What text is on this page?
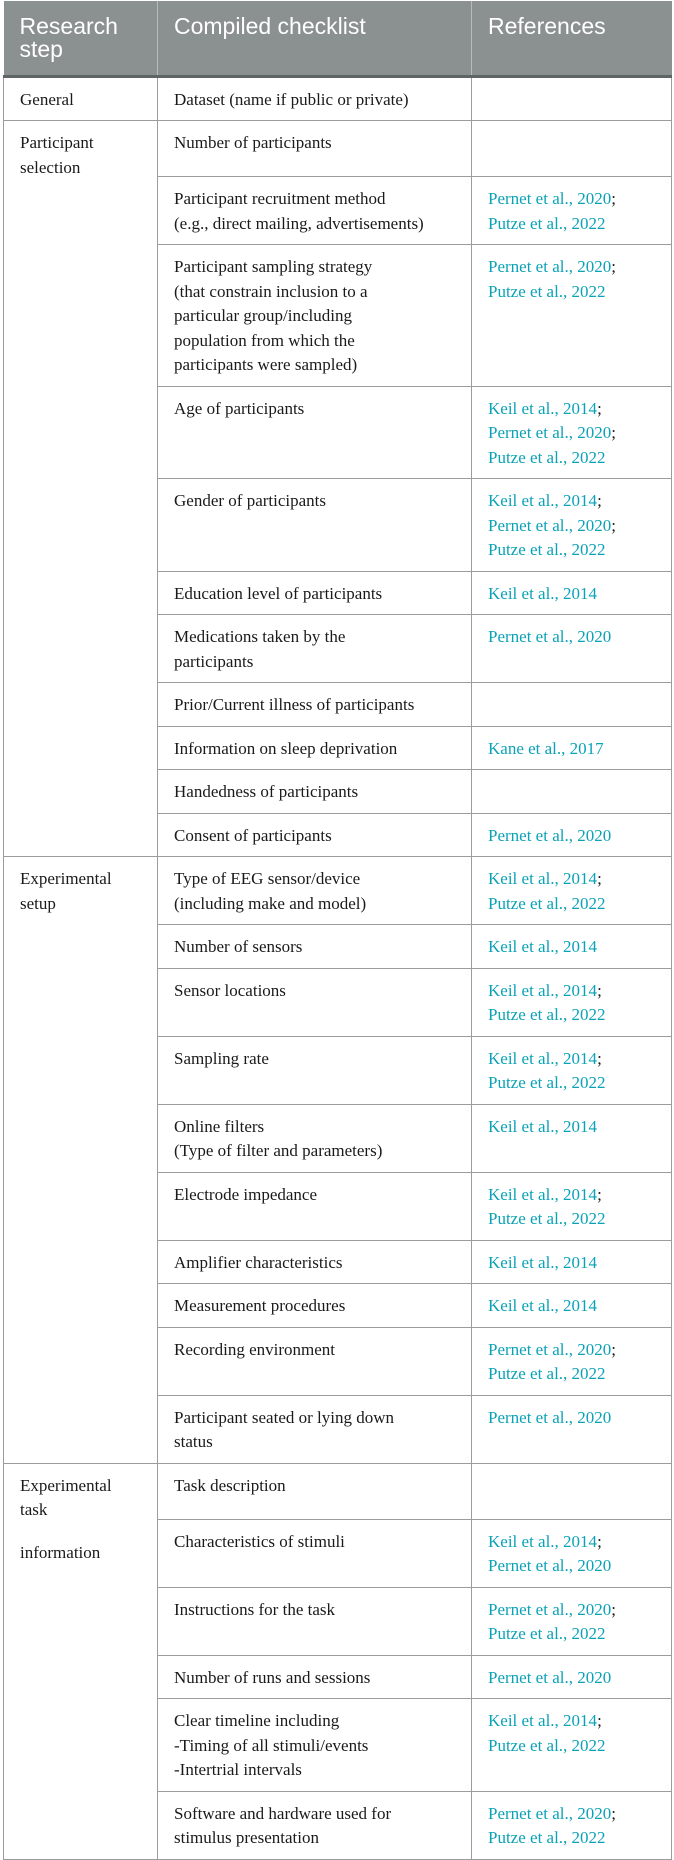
Research
step	Compiled checklist	References

General	Dataset (name if public or private)	

Participant
selection	Number of participants	

	Participant recruitment method
(e.g., direct mailing, advertisements)	Pernet et al., 2020;
Putze et al., 2022

	Participant sampling strategy
(that constrain inclusion to a
particular group/including
population from which the
participants were sampled)	Pernet et al., 2020;
Putze et al., 2022

	Age of participants	Keil et al., 2014;
Pernet et al., 2020;
Putze et al., 2022

	Gender of participants	Keil et al., 2014;
Pernet et al., 2020;
Putze et al., 2022

	Education level of participants	Keil et al., 2014

	Medications taken by the
participants	Pernet et al., 2020

	Prior/Current illness of participants	

	Information on sleep deprivation	Kane et al., 2017

	Handedness of participants	

	Consent of participants	Pernet et al., 2020

Experimental
setup	Type of EEG sensor/device
(including make and model)	Keil et al., 2014;
Putze et al., 2022

	Number of sensors	Keil et al., 2014

	Sensor locations	Keil et al., 2014;
Putze et al., 2022

	Sampling rate	Keil et al., 2014;
Putze et al., 2022

	Online filters
(Type of filter and parameters)	Keil et al., 2014

	Electrode impedance	Keil et al., 2014;
Putze et al., 2022

	Amplifier characteristics	Keil et al., 2014

	Measurement procedures	Keil et al., 2014

	Recording environment	Pernet et al., 2020;
Putze et al., 2022

	Participant seated or lying down
status	Pernet et al., 2020

Experimental
task
information	Task description	

	Characteristics of stimuli	Keil et al., 2014;
Pernet et al., 2020

	Instructions for the task	Pernet et al., 2020;
Putze et al., 2022

	Number of runs and sessions	Pernet et al., 2020

	Clear timeline including
-Timing of all stimuli/events
-Intertrial intervals	Keil et al., 2014;
Putze et al., 2022

	Software and hardware used for
stimulus presentation	Pernet et al., 2020;
Putze et al., 2022
